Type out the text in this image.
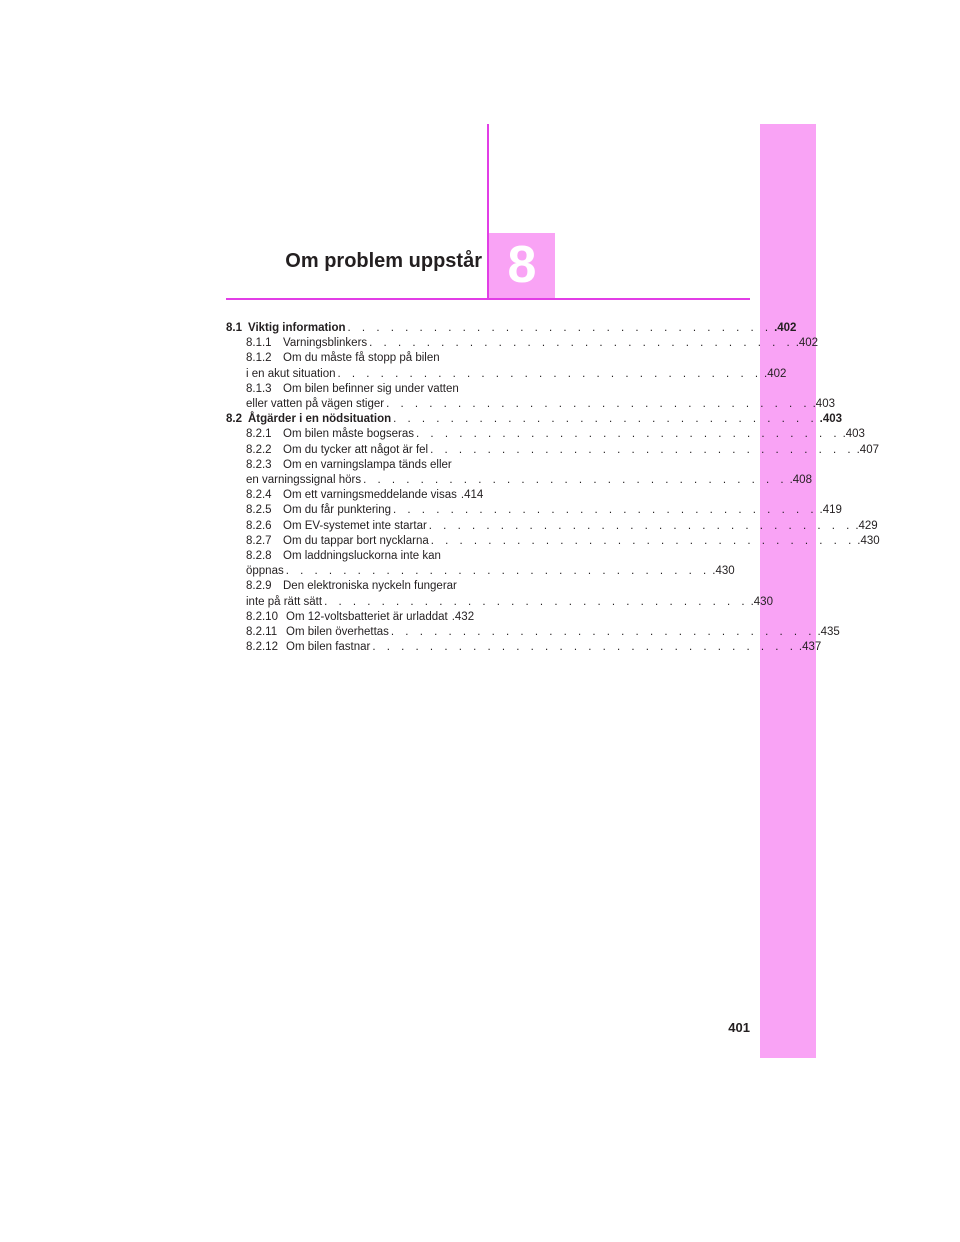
8
Om problem uppstår
8.1 Viktig information . . . . . . . . . . . . . . . . . . . . . . . . . . . . . . .402
8.1.1 Varningsblinkers . . . . . . . . . . . . . . . . . . . . . . . . . . . . . . .402
8.1.2 Om du måste få stopp på bilen
i en akut situation . . . . . . . . . . . . . . . . . . . . . . . . . . . . . . .402
8.1.3 Om bilen befinner sig under vatten
eller vatten på vägen stiger . . . . . . . . . . . . . . . . . . . . . . . . . . . . . . .403
8.2 Åtgärder i en nödsituation . . . . . . . . . . . . . . . . . . . . . . . . . . . . . . .403
8.2.1 Om bilen måste bogseras . . . . . . . . . . . . . . . . . . . . . . . . . . . . . . .403
8.2.2 Om du tycker att något är fel . . . . . . . . . . . . . . . . . . . . . . . . . . . . . . .407
8.2.3 Om en varningslampa tänds eller
en varningssignal hörs . . . . . . . . . . . . . . . . . . . . . . . . . . . . . . .408
8.2.4 Om ett varningsmeddelande visas .414
8.2.5 Om du får punktering . . . . . . . . . . . . . . . . . . . . . . . . . . . . . . .419
8.2.6 Om EV-systemet inte startar . . . . . . . . . . . . . . . . . . . . . . . . . . . . . . .429
8.2.7 Om du tappar bort nycklarna . . . . . . . . . . . . . . . . . . . . . . . . . . . . . . .430
8.2.8 Om laddningsluckorna inte kan
öppnas . . . . . . . . . . . . . . . . . . . . . . . . . . . . . . .430
8.2.9 Den elektroniska nyckeln fungerar
inte på rätt sätt . . . . . . . . . . . . . . . . . . . . . . . . . . . . . . .430
8.2.10 Om 12-voltsbatteriet är urladdat .432
8.2.11 Om bilen överhettas . . . . . . . . . . . . . . . . . . . . . . . . . . . . . . .435
8.2.12 Om bilen fastnar . . . . . . . . . . . . . . . . . . . . . . . . . . . . . . .437
401
